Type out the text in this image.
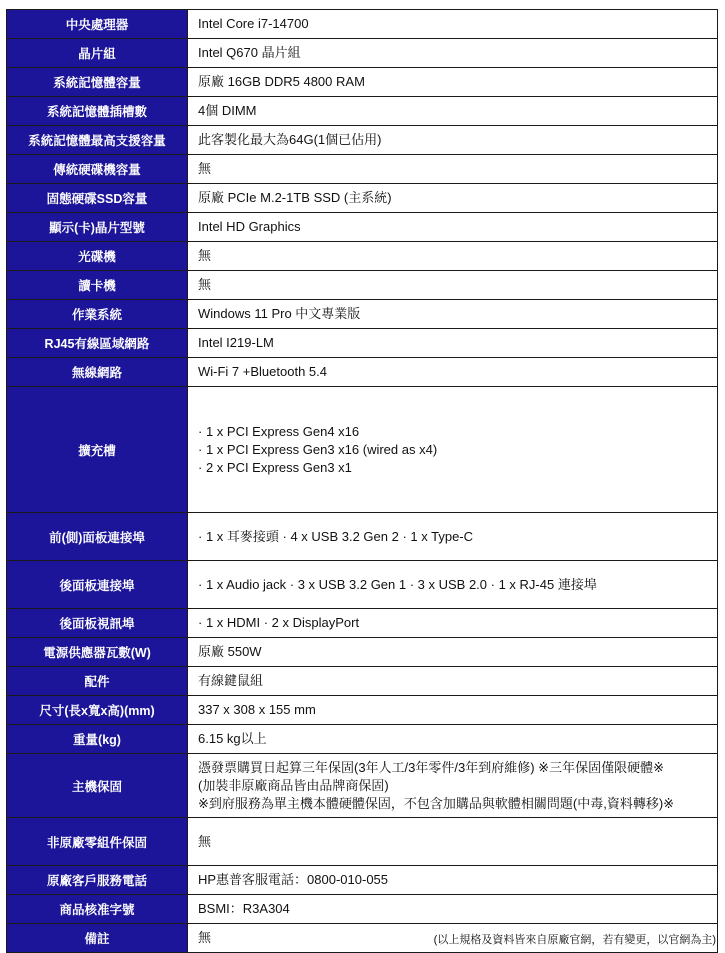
中央處理器	Intel Core i7-14700

晶片組	Intel Q670 晶片組

系統記憶體容量	原廠 16GB DDR5 4800 RAM

系統記憶體插槽數	4個 DIMM

系統記憶體最高支援容量	此客製化最大為64G(1個已佔用)

傳統硬碟機容量	無

固態硬碟SSD容量	原廠 PCIe M.2-1TB SSD (主系統)

顯示(卡)晶片型號	Intel HD Graphics

光碟機	無

讀卡機	無

作業系統	Windows 11 Pro 中文專業版

RJ45有線區域網路	Intel I219-LM

無線網路	Wi-Fi 7 +Bluetooth 5.4

擴充槽	· 1 x PCI Express Gen4 x16
· 1 x PCI Express Gen3 x16 (wired as x4)
· 2 x PCI Express Gen3 x1

前(側)面板連接埠	· 1 x 耳麥接頭 · 4 x USB 3.2 Gen 2 · 1 x Type-C

後面板連接埠	· 1 x Audio jack · 3 x USB 3.2 Gen 1 · 3 x USB 2.0 · 1 x RJ-45 連接埠

後面板視訊埠	· 1 x HDMI · 2 x DisplayPort

電源供應器瓦數(W)	原廠 550W

配件	有線鍵鼠組

尺寸(長x寬x高)(mm)	337 x 308 x 155 mm

重量(kg)	6.15 kg以上

主機保固	憑發票購買日起算三年保固(3年人工/3年零件/3年到府維修) ※三年保固僅限硬體※
(加裝非原廠商品皆由品牌商保固)
※到府服務為單主機本體硬體保固，不包含加購品與軟體相關問題(中毒,資料轉移)※

非原廠零組件保固	無

原廠客戶服務電話	HP惠普客服電話：0800-010-055

商品核准字號	BSMI：R3A304

備註	無	(以上規格及資料皆來自原廠官網，若有變更，以官網為主)
